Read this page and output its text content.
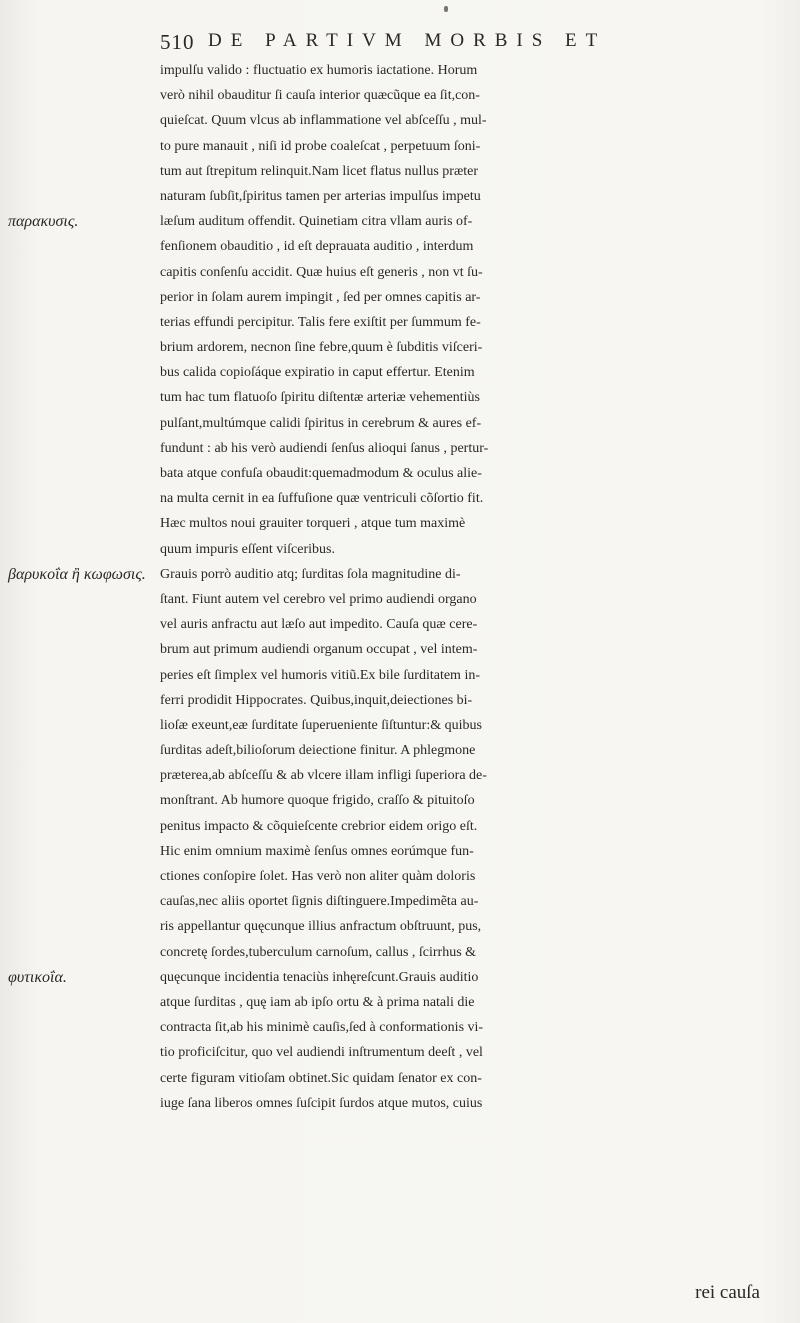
510 DE PARTIVM MORBIS ET
impulſu valido : fluctuatio ex humoris iactatione. Horum
verò nihil obauditur ſi cauſa interior quæcũque ea ſit,con-
quieſcat. Quum vlcus ab inflammatione vel abſceſſu , mul-
to pure manauit , niſi id probe coaleſcat , perpetuum ſoni-
tum aut ſtrepitum relinquit.Nam licet flatus nullus præter
naturam ſubſit,ſpiritus tamen per arterias impulſus impetu
læſum auditum offendit. Quinetiam citra vllam auris of-
fenſionem obauditio , id eſt deprauata auditio , interdum
capitis conſenſu accidit. Quæ huius eſt generis , non vt ſu-
perior in ſolam aurem impingit , ſed per omnes capitis ar-
terias effundi percipitur. Talis fere exiſtit per ſummum fe-
brium ardorem, necnon ſine febre,quum è ſubditis viſceri-
bus calida copioſáque expiratio in caput effertur. Etenim
tum hac tum flatuoſo ſpiritu diſtentæ arteriæ vehementiùs
pulſant,multúmque calidi ſpiritus in cerebrum & aures ef-
fundunt : ab his verò audiendi ſenſus alioqui ſanus , pertur-
bata atque confuſa obaudit:quemadmodum & oculus alie-
na multa cernit in ea ſuffuſione quæ ventriculi cõſortio fit.
Hæc multos noui grauiter torqueri , atque tum maximè
quum impuris eſſent viſceribus.
Grauis porrò auditio atq; ſurditas ſola magnitudine di-
ſtant. Fiunt autem vel cerebro vel primo audiendi organo
vel auris anfractu aut læſo aut impedito. Cauſa quæ cere-
brum aut primum audiendi organum occupat , vel intem-
peries eſt ſimplex vel humoris vitiũ.Ex bile ſurditatem in-
ferri prodidit Hippocrates. Quibus,inquit,deiectiones bi-
lioſæ exeunt,eæ ſurditate ſuperueniente ſiſtuntur:& quibus
ſurditas adeſt,bilioſorum deiectione finitur. A phlegmone
præterea,ab abſceſſu & ab vlcere illam infligi ſuperiora de-
monſtrant. Ab humore quoque frigido, craſſo & pituitoſo
penitus impacto & cõquieſcente crebrior eidem origo eſt.
Hic enim omnium maximè ſenſus omnes eorúmque fun-
ctiones conſopire ſolet. Has verò non aliter quàm doloris
cauſas,nec aliis oportet ſignis diſtinguere.Impedimẽta au-
ris appellantur quęcunque illius anfractum obſtruunt, pus,
concretę ſordes,tuberculum carnoſum, callus , ſcirrhus &
quęcunque incidentia tenaciùs inhęreſcunt.Grauis auditio
atque ſurditas , quę iam ab ipſo ortu & à prima natali die
contracta ſit,ab his minimè cauſis,ſed à conformationis vi-
tio proficiſcitur, quo vel audiendi inſtrumentum deeſt , vel
certe figuram vitioſam obtinet.Sic quidam ſenator ex con-
iuge ſana liberos omnes ſuſcipit ſurdos atque mutos, cuius
παρακυσις.
βαρυκοΐα ἢ κωφωσις.
φυτικοΐα.
rei cauſa
